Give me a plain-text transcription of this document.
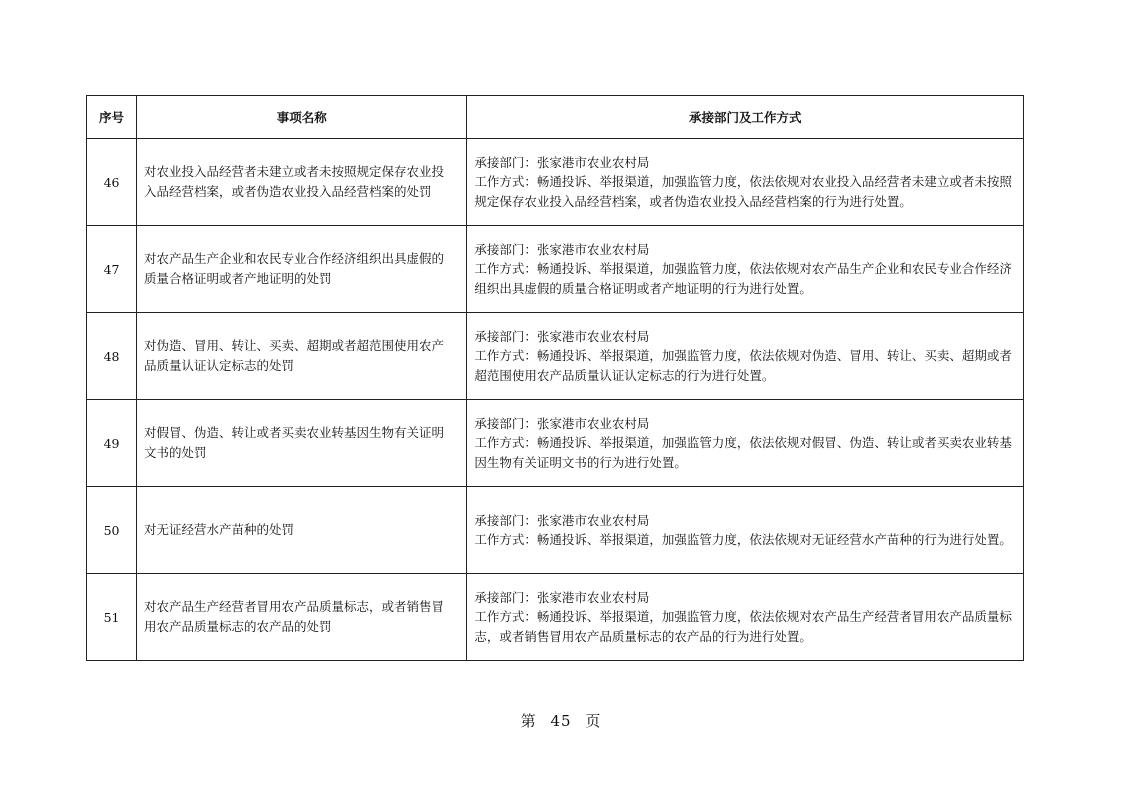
序号	事项名称	承接部门及工作方式
46	对农业投入品经营者未建立或者未按照规定保存农业投入品经营档案，或者伪造农业投入品经营档案的处罚	承接部门：张家港市农业农村局
工作方式：畅通投诉、举报渠道，加强监管力度，依法依规对农业投入品经营者未建立或者未按照规定保存农业投入品经营档案，或者伪造农业投入品经营档案的行为进行处置。

47	对农产品生产企业和农民专业合作经济组织出具虚假的质量合格证明或者产地证明的处罚	承接部门：张家港市农业农村局
工作方式：畅通投诉、举报渠道，加强监管力度，依法依规对农产品生产企业和农民专业合作经济组织出具虚假的质量合格证明或者产地证明的行为进行处置。

48	对伪造、冒用、转让、买卖、超期或者超范围使用农产品质量认证认定标志的处罚	承接部门：张家港市农业农村局
工作方式：畅通投诉、举报渠道，加强监管力度，依法依规对伪造、冒用、转让、买卖、超期或者超范围使用农产品质量认证认定标志的行为进行处置。

49	对假冒、伪造、转让或者买卖农业转基因生物有关证明文书的处罚	承接部门：张家港市农业农村局
工作方式：畅通投诉、举报渠道，加强监管力度，依法依规对假冒、伪造、转让或者买卖农业转基因生物有关证明文书的行为进行处置。

50	对无证经营水产苗种的处罚	承接部门：张家港市农业农村局
工作方式：畅通投诉、举报渠道，加强监管力度，依法依规对无证经营水产苗种的行为进行处置。

51	对农产品生产经营者冒用农产品质量标志，或者销售冒用农产品质量标志的农产品的处罚	承接部门：张家港市农业农村局
工作方式：畅通投诉、举报渠道，加强监管力度，依法依规对农产品生产经营者冒用农产品质量标志，或者销售冒用农产品质量标志的农产品的行为进行处置。
第 45 页
